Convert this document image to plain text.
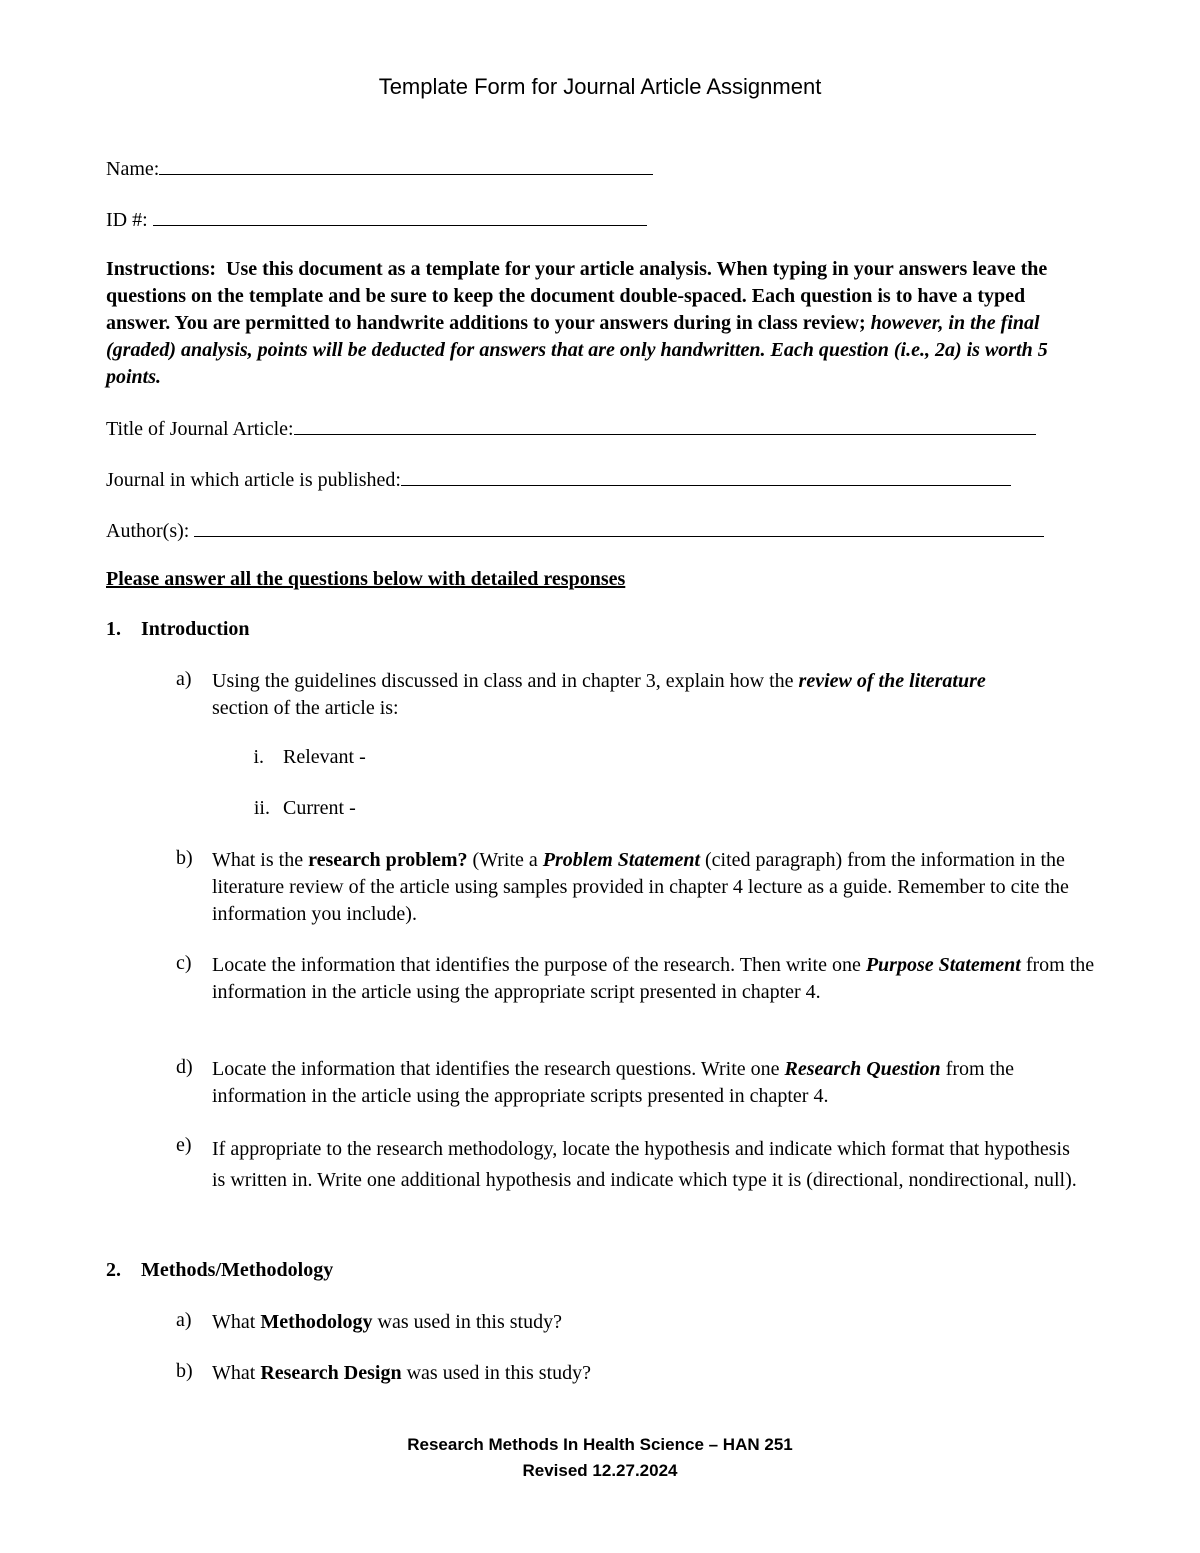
Template Form for Journal Article Assignment
Name:
ID #:
Instructions: Use this document as a template for your article analysis. When typing in your answers leave the questions on the template and be sure to keep the document double-spaced. Each question is to have a typed answer. You are permitted to handwrite additions to your answers during in class review; however, in the final (graded) analysis, points will be deducted for answers that are only handwritten. Each question (i.e., 2a) is worth 5 points.
Title of Journal Article:
Journal in which article is published:
Author(s):
Please answer all the questions below with detailed responses
1. Introduction
a) Using the guidelines discussed in class and in chapter 3, explain how the review of the literature section of the article is:
i. Relevant -
ii. Current -
b) What is the research problem? (Write a Problem Statement (cited paragraph) from the information in the literature review of the article using samples provided in chapter 4 lecture as a guide. Remember to cite the information you include).
c) Locate the information that identifies the purpose of the research. Then write one Purpose Statement from the information in the article using the appropriate script presented in chapter 4.
d) Locate the information that identifies the research questions. Write one Research Question from the information in the article using the appropriate scripts presented in chapter 4.
e) If appropriate to the research methodology, locate the hypothesis and indicate which format that hypothesis is written in. Write one additional hypothesis and indicate which type it is (directional, nondirectional, null).
2. Methods/Methodology
a) What Methodology was used in this study?
b) What Research Design was used in this study?
Research Methods In Health Science – HAN 251
Revised 12.27.2024
